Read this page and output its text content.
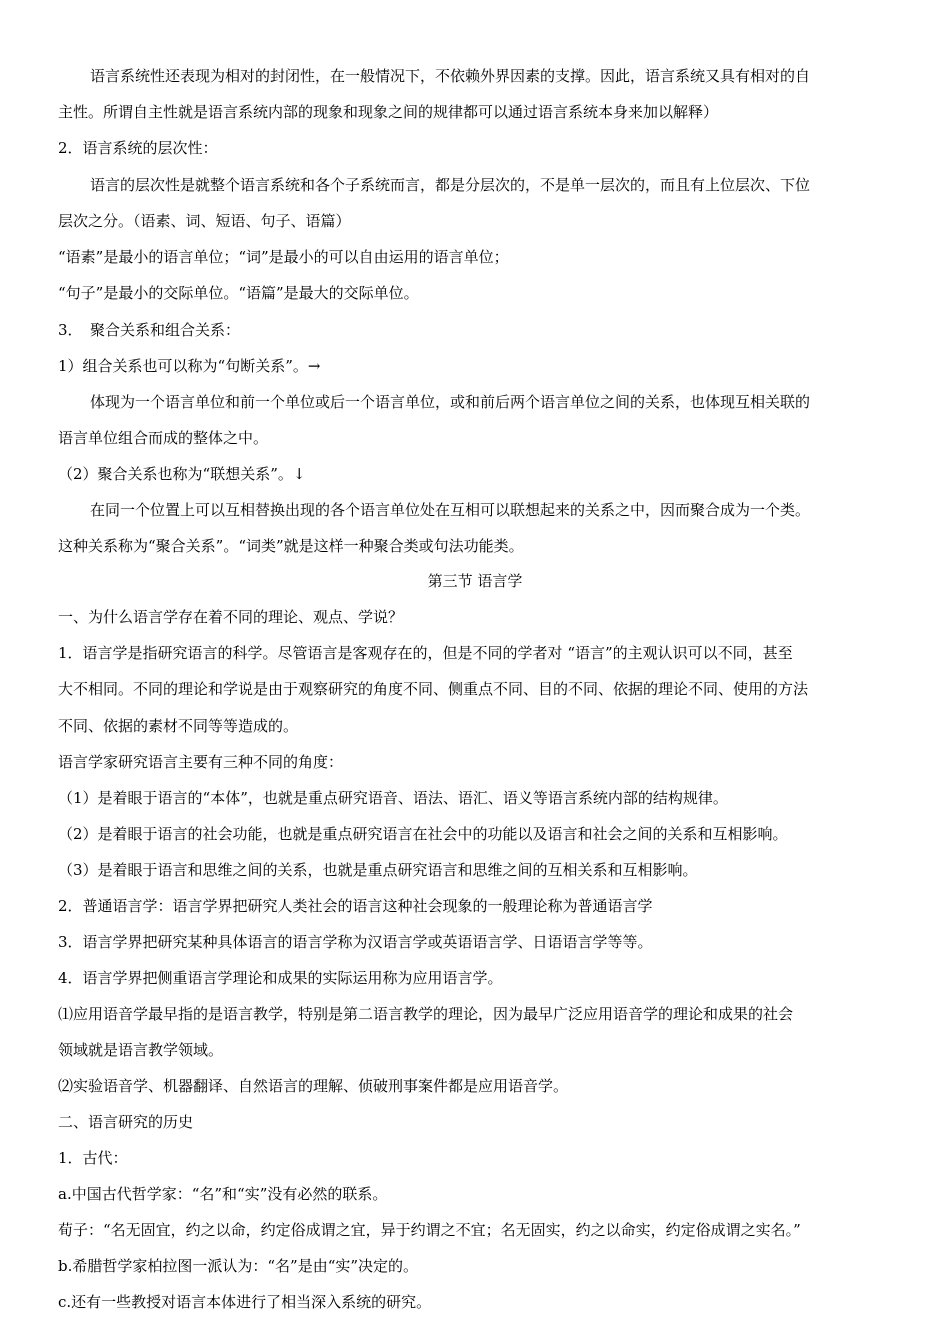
语言系统性还表现为相对的封闭性，在一般情况下，不依赖外界因素的支撑。因此，语言系统又具有相对的自
主性。所谓自主性就是语言系统内部的现象和现象之间的规律都可以通过语言系统本身来加以解释）
2．语言系统的层次性：
语言的层次性是就整个语言系统和各个子系统而言，都是分层次的，不是单一层次的，而且有上位层次、下位
层次之分。（语素、词、短语、句子、语篇）
“语素”是最小的语言单位；“词”是最小的可以自由运用的语言单位；
“句子”是最小的交际单位。“语篇”是最大的交际单位。
3．　聚合关系和组合关系：
1）组合关系也可以称为“句断关系”。→
体现为一个语言单位和前一个单位或后一个语言单位，或和前后两个语言单位之间的关系，也体现互相关联的
语言单位组合而成的整体之中。
（2）聚合关系也称为“联想关系”。↓
在同一个位置上可以互相替换出现的各个语言单位处在互相可以联想起来的关系之中，因而聚合成为一个类。
这种关系称为“聚合关系”。“词类”就是这样一种聚合类或句法功能类。
第三节 语言学
一、为什么语言学存在着不同的理论、观点、学说？
1．语言学是指研究语言的科学。尽管语言是客观存在的，但是不同的学者对 “语言”的主观认识可以不同，甚至
大不相同。不同的理论和学说是由于观察研究的角度不同、侧重点不同、目的不同、依据的理论不同、使用的方法
不同、依据的素材不同等等造成的。
语言学家研究语言主要有三种不同的角度：
（1）是着眼于语言的“本体”，也就是重点研究语音、语法、语汇、语义等语言系统内部的结构规律。
（2）是着眼于语言的社会功能，也就是重点研究语言在社会中的功能以及语言和社会之间的关系和互相影响。
（3）是着眼于语言和思维之间的关系，也就是重点研究语言和思维之间的互相关系和互相影响。
2．普通语言学：语言学界把研究人类社会的语言这种社会现象的一般理论称为普通语言学
3．语言学界把研究某种具体语言的语言学称为汉语言学或英语语言学、日语语言学等等。
4．语言学界把侧重语言学理论和成果的实际运用称为应用语言学。
⑴应用语音学最早指的是语言教学，特别是第二语言教学的理论，因为最早广泛应用语音学的理论和成果的社会
领域就是语言教学领域。
⑵实验语音学、机器翻译、自然语言的理解、侦破刑事案件都是应用语音学。
二、语言研究的历史
1．古代：
a.中国古代哲学家：“名”和“实”没有必然的联系。
荀子：“名无固宜，约之以命，约定俗成谓之宜，异于约谓之不宜；名无固实，约之以命实，约定俗成谓之实名。”
b.希腊哲学家柏拉图一派认为：“名”是由“实”决定的。
c.还有一些教授对语言本体进行了相当深入系统的研究。
